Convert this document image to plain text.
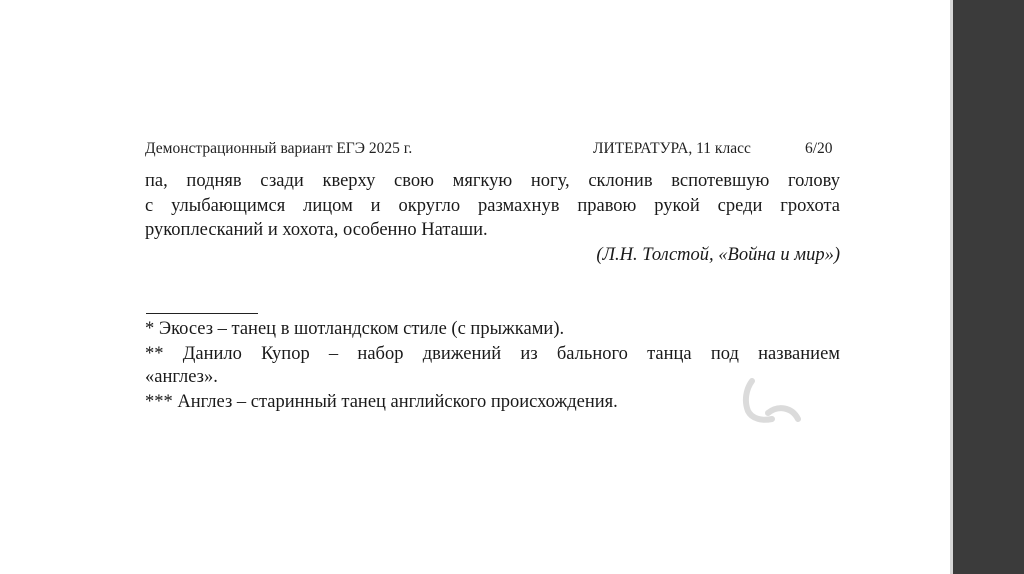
Демонстрационный вариант ЕГЭ 2025 г.	ЛИТЕРАТУРА, 11 класс	6/20
па, подняв сзади кверху свою мягкую ногу, склонив вспотевшую голову
с улыбающимся лицом и округло размахнув правою рукой среди грохота
рукоплесканий и хохота, особенно Наташи.
(Л.Н. Толстой, «Война и мир»)
* Экосез – танец в шотландском стиле (с прыжками).
** Данило Купор – набор движений из бального танца под названием
«англез».
*** Англез – старинный танец английского происхождения.
